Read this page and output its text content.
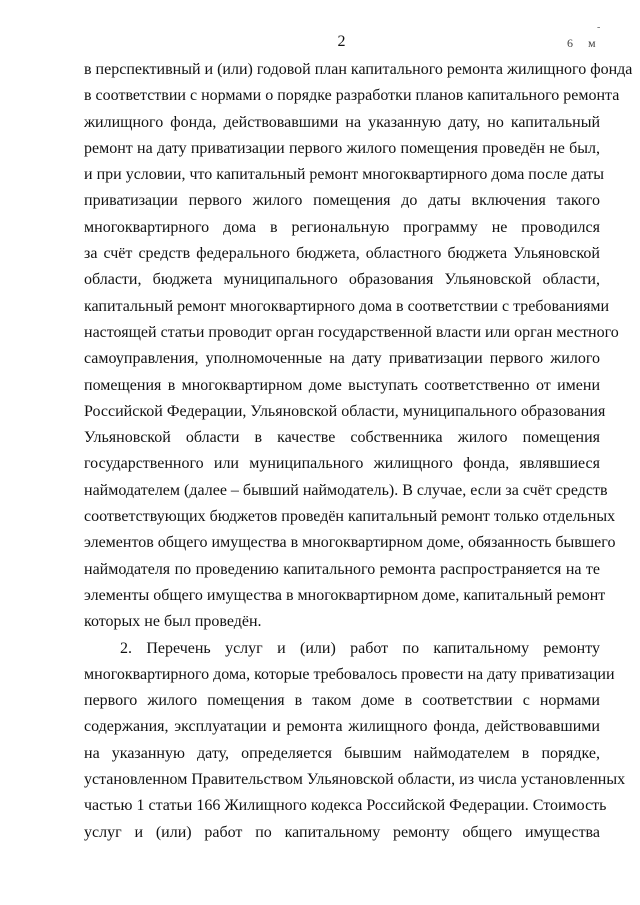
-
2	6 м
в перспективный и (или) годовой план капитального ремонта жилищного фонда
в соответствии с нормами о порядке разработки планов капитального ремонта
жилищного фонда, действовавшими на указанную дату, но капитальный
ремонт на дату приватизации первого жилого помещения проведён не был,
и при условии, что капитальный ремонт многоквартирного дома после даты
приватизации первого жилого помещения до даты включения такого
многоквартирного дома в региональную программу не проводился
за счёт средств федерального бюджета, областного бюджета Ульяновской
области, бюджета муниципального образования Ульяновской области,
капитальный ремонт многоквартирного дома в соответствии с требованиями
настоящей статьи проводит орган государственной власти или орган местного
самоуправления, уполномоченные на дату приватизации первого жилого
помещения в многоквартирном доме выступать соответственно от имени
Российской Федерации, Ульяновской области, муниципального образования
Ульяновской области в качестве собственника жилого помещения
государственного или муниципального жилищного фонда, являвшиеся
наймодателем (далее – бывший наймодатель). В случае, если за счёт средств
соответствующих бюджетов проведён капитальный ремонт только отдельных
элементов общего имущества в многоквартирном доме, обязанность бывшего
наймодателя по проведению капитального ремонта распространяется на те
элементы общего имущества в многоквартирном доме, капитальный ремонт
которых не был проведён.
2. Перечень услуг и (или) работ по капитальному ремонту
многоквартирного дома, которые требовалось провести на дату приватизации
первого жилого помещения в таком доме в соответствии с нормами
содержания, эксплуатации и ремонта жилищного фонда, действовавшими
на указанную дату, определяется бывшим наймодателем в порядке,
установленном Правительством Ульяновской области, из числа установленных
частью 1 статьи 166 Жилищного кодекса Российской Федерации. Стоимость
услуг и (или) работ по капитальному ремонту общего имущества
